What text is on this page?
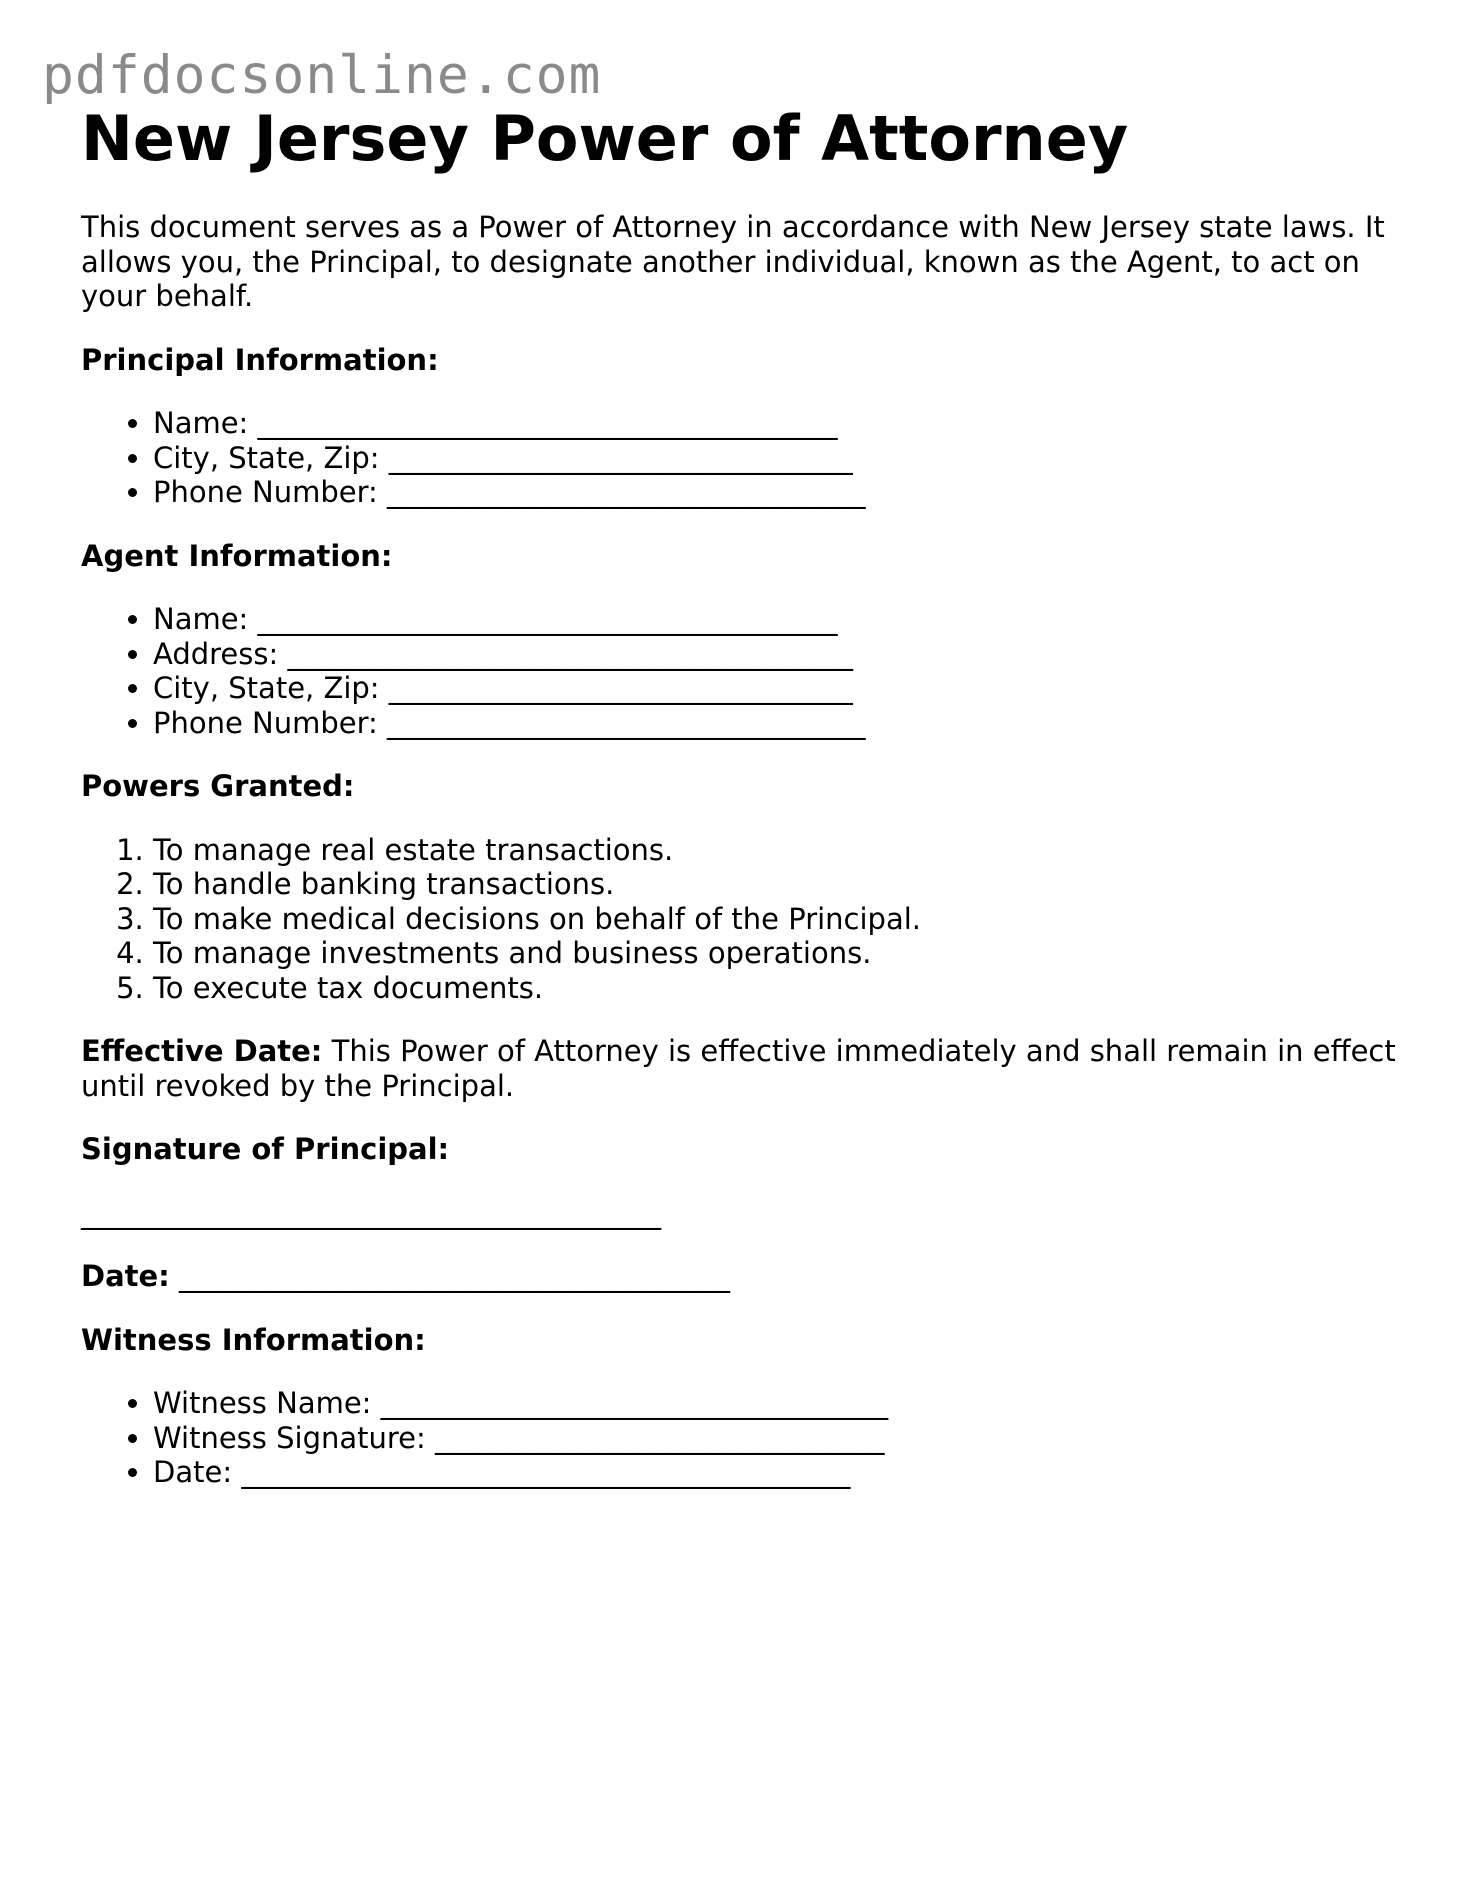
pdfdocsonline.com
New Jersey Power of Attorney

This document serves as a Power of Attorney in accordance with New Jersey state laws. It allows you, the Principal, to designate another individual, known as the Agent, to act on your behalf.

Principal Information:
• Name: ________________________________________
• City, State, Zip: ________________________________
• Phone Number: _________________________________
Agent Information:
• Name: ________________________________________
• Address: _______________________________________
• City, State, Zip: ________________________________
• Phone Number: _________________________________
Powers Granted:
1. To manage real estate transactions.
2. To handle banking transactions.
3. To make medical decisions on behalf of the Principal.
4. To manage investments and business operations.
5. To execute tax documents.

Effective Date: This Power of Attorney is effective immediately and shall remain in effect until revoked by the Principal.

Signature of Principal:

________________________________________

Date: ______________________________________

Witness Information:
• Witness Name: ___________________________________
• Witness Signature: _______________________________
• Date: __________________________________________
